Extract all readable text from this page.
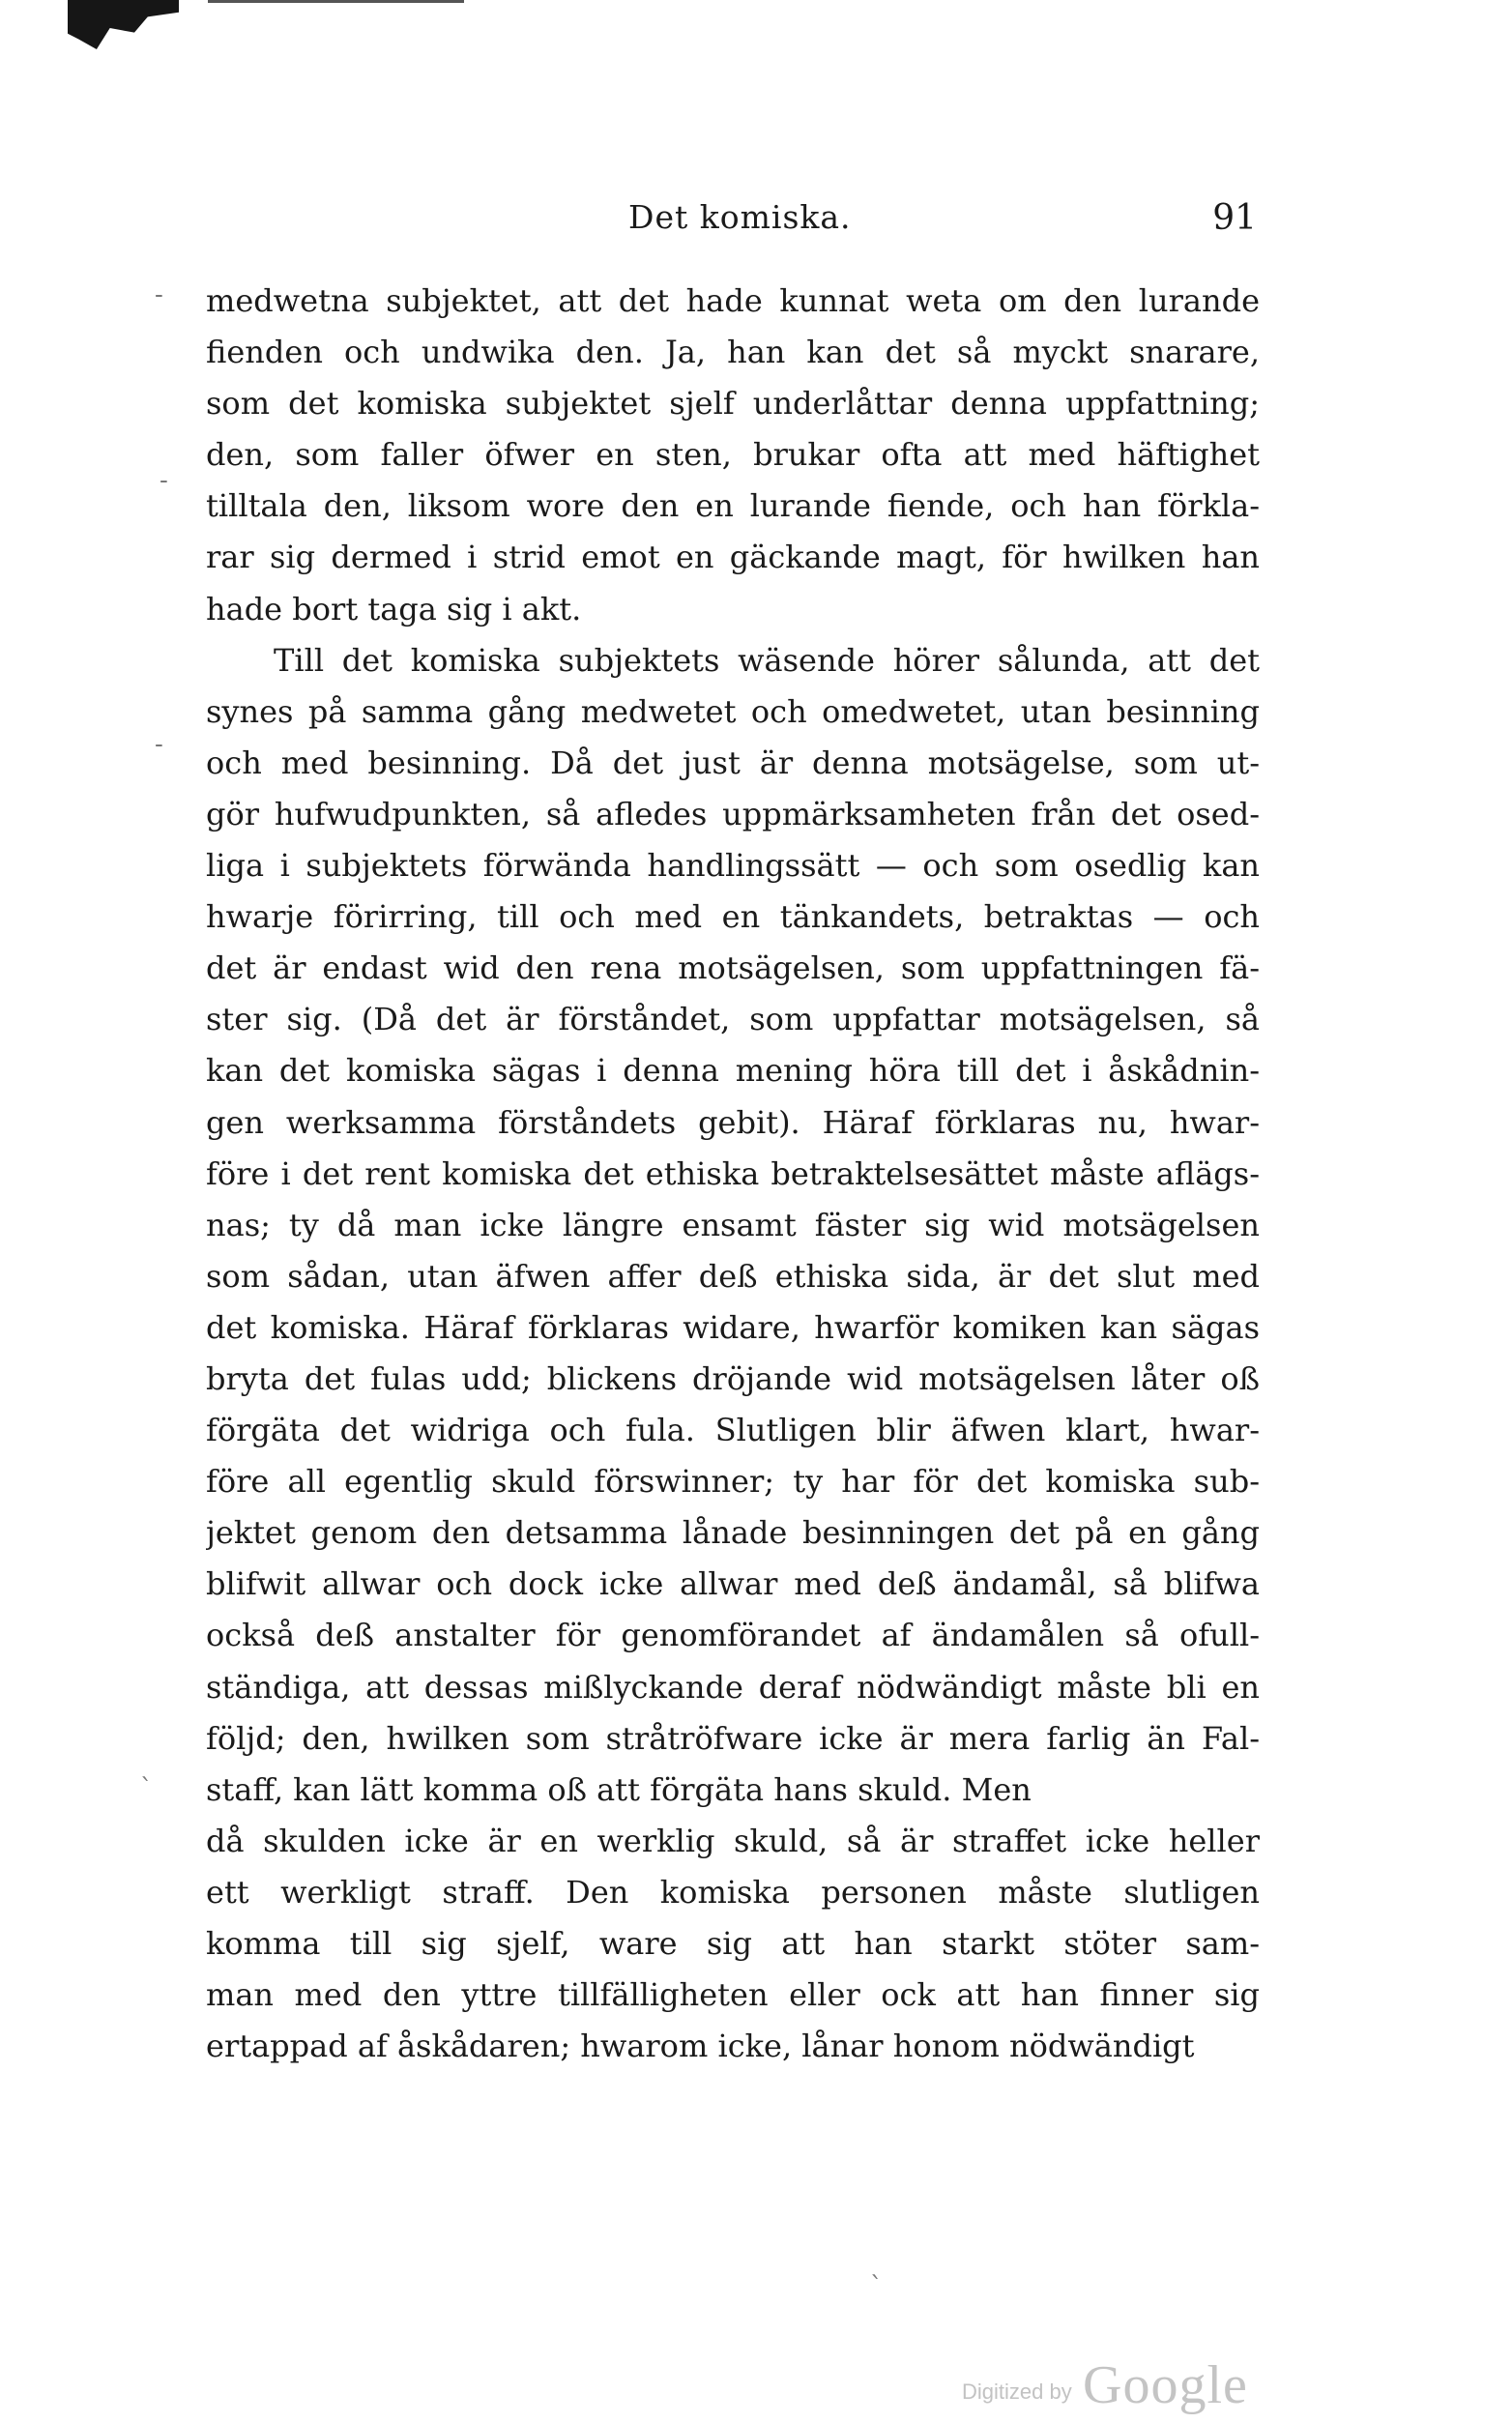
Det komiska.	91
medwetna subjektet, att det hade kunnat weta om den lurande
fienden och undwika den. Ja, han kan det så myckt snarare,
som det komiska subjektet sjelf underlåttar denna uppfattning;
den, som faller öfwer en sten, brukar ofta att med häftighet
tilltala den, liksom wore den en lurande fiende, och han förkla-
rar sig dermed i strid emot en gäckande magt, för hwilken han
hade bort taga sig i akt.
Till det komiska subjektets wäsende hörer sålunda, att det
synes på samma gång medwetet och omedwetet, utan besinning
och med besinning. Då det just är denna motsägelse, som ut-
gör hufwudpunkten, så afledes uppmärksamheten från det osed-
liga i subjektets förwända handlingssätt — och som osedlig kan
hwarje förirring, till och med en tänkandets, betraktas — och
det är endast wid den rena motsägelsen, som uppfattningen fä-
ster sig. (Då det är förståndet, som uppfattar motsägelsen, så
kan det komiska sägas i denna mening höra till det i åskådnin-
gen werksamma förståndets gebit). Häraf förklaras nu, hwar-
före i det rent komiska det ethiska betraktelsesättet måste aflägs-
nas; ty då man icke längre ensamt fäster sig wid motsägelsen
som sådan, utan äfwen affer deß ethiska sida, är det slut med
det komiska. Häraf förklaras widare, hwarför komiken kan sägas
bryta det fulas udd; blickens dröjande wid motsägelsen låter oß
förgäta det widriga och fula. Slutligen blir äfwen klart, hwar-
före all egentlig skuld förswinner; ty har för det komiska sub-
jektet genom den detsamma lånade besinningen det på en gång
blifwit allwar och dock icke allwar med deß ändamål, så blifwa
också deß anstalter för genomförandet af ändamålen så ofull-
ständiga, att dessas mißlyckande deraf nödwändigt måste bli en
följd; den, hwilken som stråtröfware icke är mera farlig än Fal-
staff, kan lätt komma oß att förgäta hans skuld. Men
då skulden icke är en werklig skuld, så är straffet icke heller
ett werkligt straff. Den komiska personen måste slutligen
komma till sig sjelf, ware sig att han starkt stöter sam-
man med den yttre tillfälligheten eller ock att han finner sig
ertappad af åskådaren; hwarom icke, lånar honom nödwändigt
-
-
-
ˋ
ˋ
Digitized by Google
